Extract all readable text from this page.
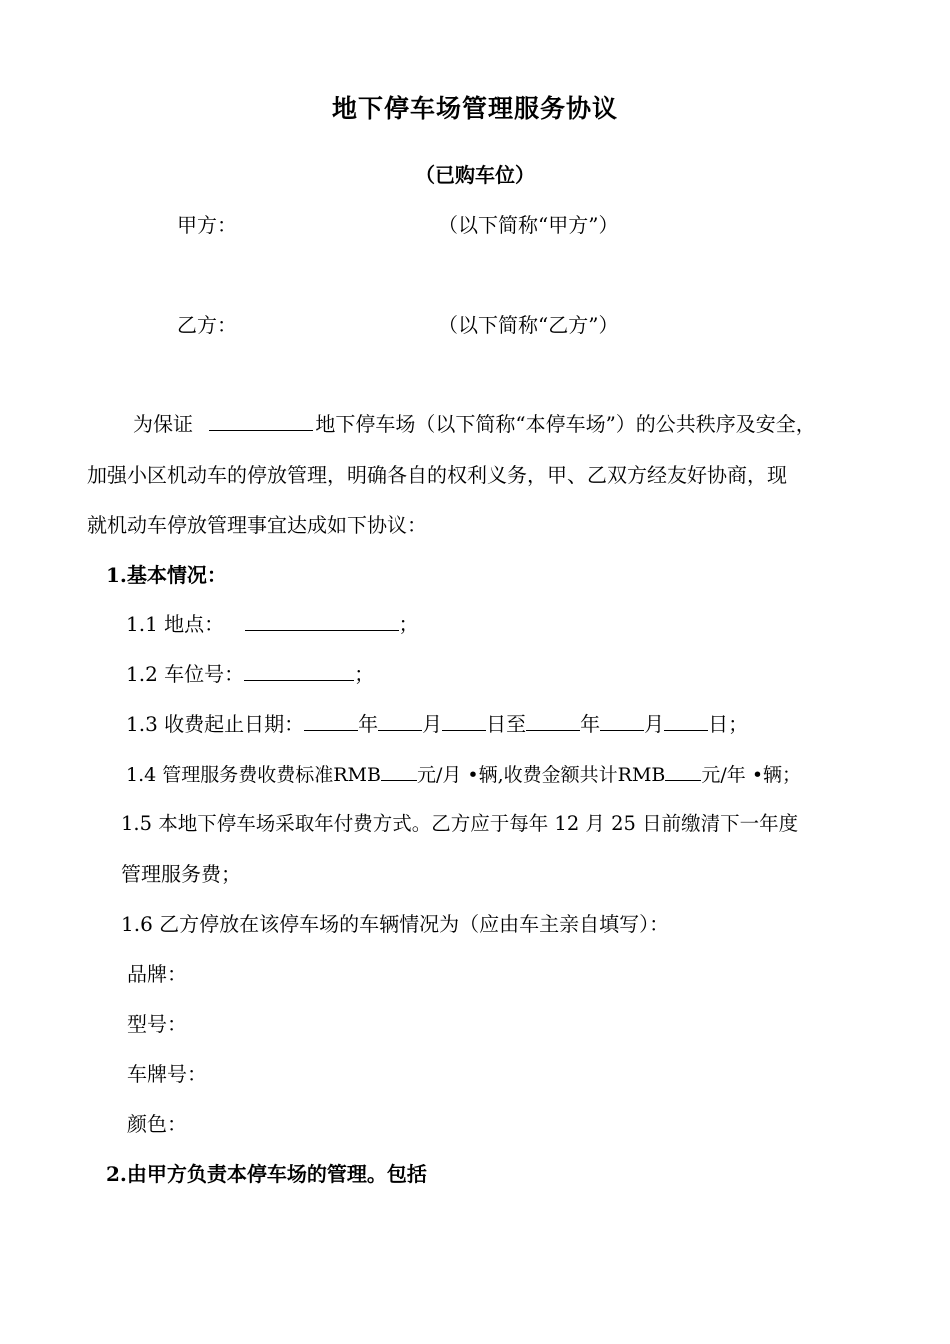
地下停车场管理服务协议
（已购车位）
甲方：	（以下简称“甲方”）
乙方：	（以下简称“乙方”）
为保证	地下停车场（以下简称“本停车场”）的公共秩序及安全，
加强小区机动车的停放管理，明确各自的权利义务，甲、乙双方经友好协商，现
就机动车停放管理事宜达成如下协议：
1.基本情况：
1.1 地点：	；
1.2 车位号：	；
1.3 收费起止日期：	年 月 日至	年 月 日；
1.4 管理服务费收费标准RMB 元/月 •辆,收费金额共计RMB 元/年 •辆；
1.5 本地下停车场采取年付费方式。乙方应于每年 12 月 25 日前缴清下一年度
管理服务费；
1.6 乙方停放在该停车场的车辆情况为（应由车主亲自填写）：
品牌：
型号：
车牌号：
颜色：
2.由甲方负责本停车场的管理。包括
